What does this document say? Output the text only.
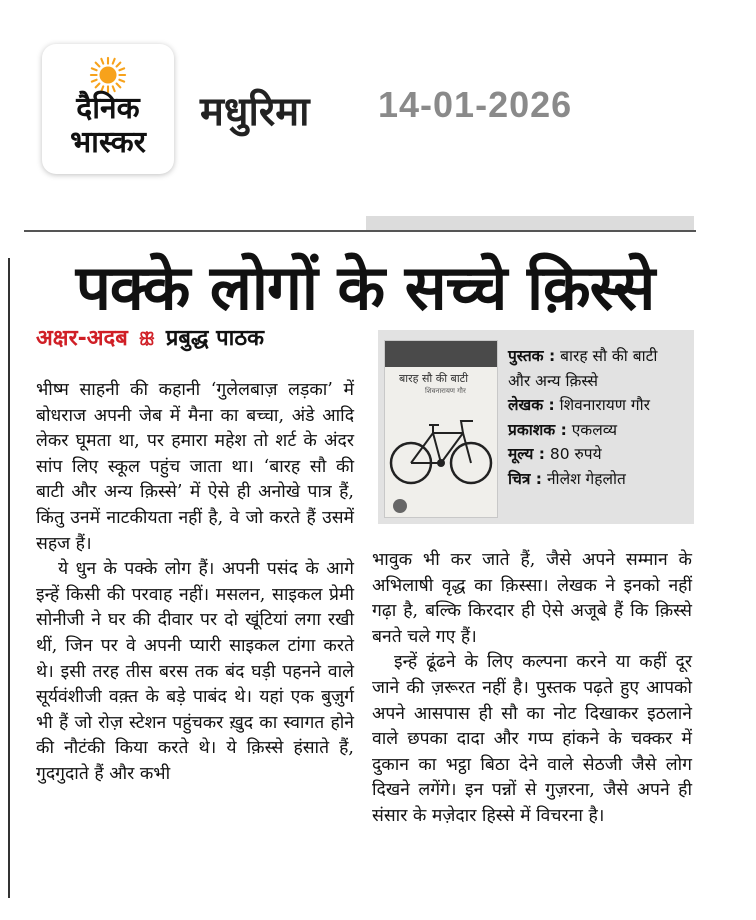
दैनिक
भास्कर
मधुरिमा 14-01-2026
पक्के लोगों के सच्चे क़िस्से
अक्षर-अदब ꕥ प्रबुद्ध पाठक

भीष्म साहनी की कहानी ‘गुलेलबाज़ लड़का’ में बोधराज अपनी जेब में मैना का बच्चा, अंडे आदि लेकर घूमता था, पर हमारा महेश तो शर्ट के अंदर सांप लिए स्कूल पहुंच जाता था। ‘बारह सौ की बाटी और अन्य क़िस्से’ में ऐसे ही अनोखे पात्र हैं, किंतु उनमें नाटकीयता नहीं है, वे जो करते हैं उसमें सहज हैं।

ये धुन के पक्के लोग हैं। अपनी पसंद के आगे इन्हें किसी की परवाह नहीं। मसलन, साइकल प्रेमी सोनीजी ने घर की दीवार पर दो खूंटियां लगा रखी थीं, जिन पर वे अपनी प्यारी साइकल टांगा करते थे। इसी तरह तीस बरस तक बंद घड़ी पहनने वाले सूर्यवंशीजी वक़्त के बड़े पाबंद थे। यहां एक बुज़ुर्ग भी हैं जो रोज़ स्टेशन पहुंचकर ख़ुद का स्वागत होने की नौटंकी किया करते थे। ये क़िस्से हंसाते हैं, गुदगुदाते हैं और कभी

बारह सौ की बाटी
शिवनारायण गौर
पुस्तक : बारह सौ की बाटी
और अन्य क़िस्से
लेखक : शिवनारायण गौर
प्रकाशक : एकलव्य
मूल्य : 80 रुपये
चित्र : नीलेश गेहलोत

भावुक भी कर जाते हैं, जैसे अपने सम्मान के अभिलाषी वृद्ध का क़िस्सा। लेखक ने इनको नहीं गढ़ा है, बल्कि किरदार ही ऐसे अजूबे हैं कि क़िस्से बनते चले गए हैं।

इन्हें ढूंढने के लिए कल्पना करने या कहीं दूर जाने की ज़रूरत नहीं है। पुस्तक पढ़ते हुए आपको अपने आसपास ही सौ का नोट दिखाकर इठलाने वाले छपका दादा और गप्प हांकने के चक्कर में दुकान का भट्ठा बिठा देने वाले सेठजी जैसे लोग दिखने लगेंगे। इन पन्नों से गुज़रना, जैसे अपने ही संसार के मज़ेदार हिस्से में विचरना है।
